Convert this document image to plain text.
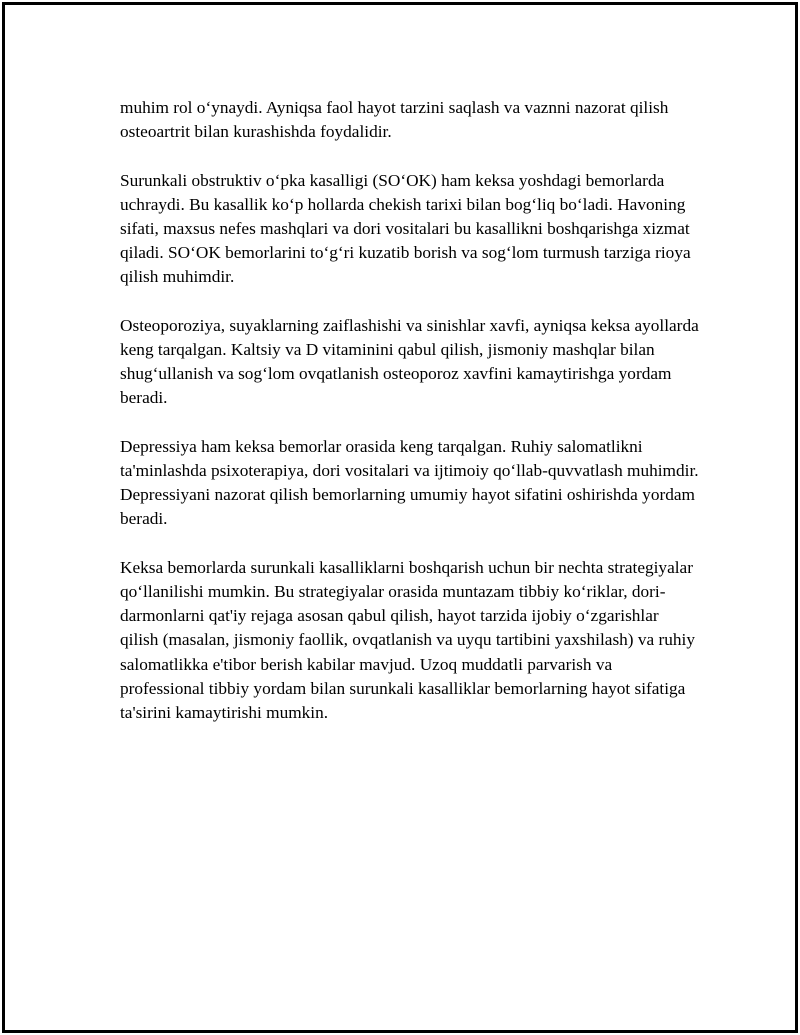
muhim rol o‘ynaydi. Ayniqsa faol hayot tarzini saqlash va vaznni nazorat qilish osteoartrit bilan kurashishda foydalidir.

Surunkali obstruktiv o‘pka kasalligi (SO‘OK) ham keksa yoshdagi bemorlarda uchraydi. Bu kasallik ko‘p hollarda chekish tarixi bilan bog‘liq bo‘ladi. Havoning sifati, maxsus nefes mashqlari va dori vositalari bu kasallikni boshqarishga xizmat qiladi. SO‘OK bemorlarini to‘g‘ri kuzatib borish va sog‘lom turmush tarziga rioya qilish muhimdir.

Osteoporoziya, suyaklarning zaiflashishi va sinishlar xavfi, ayniqsa keksa ayollarda keng tarqalgan. Kaltsiy va D vitaminini qabul qilish, jismoniy mashqlar bilan shug‘ullanish va sog‘lom ovqatlanish osteoporoz xavfini kamaytirishga yordam beradi.

Depressiya ham keksa bemorlar orasida keng tarqalgan. Ruhiy salomatlikni ta'minlashda psixoterapiya, dori vositalari va ijtimoiy qo‘llab-quvvatlash muhimdir. Depressiyani nazorat qilish bemorlarning umumiy hayot sifatini oshirishda yordam beradi.

Keksa bemorlarda surunkali kasalliklarni boshqarish uchun bir nechta strategiyalar qo‘llanilishi mumkin. Bu strategiyalar orasida muntazam tibbiy ko‘riklar, dori-darmonlarni qat'iy rejaga asosan qabul qilish, hayot tarzida ijobiy o‘zgarishlar qilish (masalan, jismoniy faollik, ovqatlanish va uyqu tartibini yaxshilash) va ruhiy salomatlikka e'tibor berish kabilar mavjud. Uzoq muddatli parvarish va professional tibbiy yordam bilan surunkali kasalliklar bemorlarning hayot sifatiga ta'sirini kamaytirishi mumkin.
